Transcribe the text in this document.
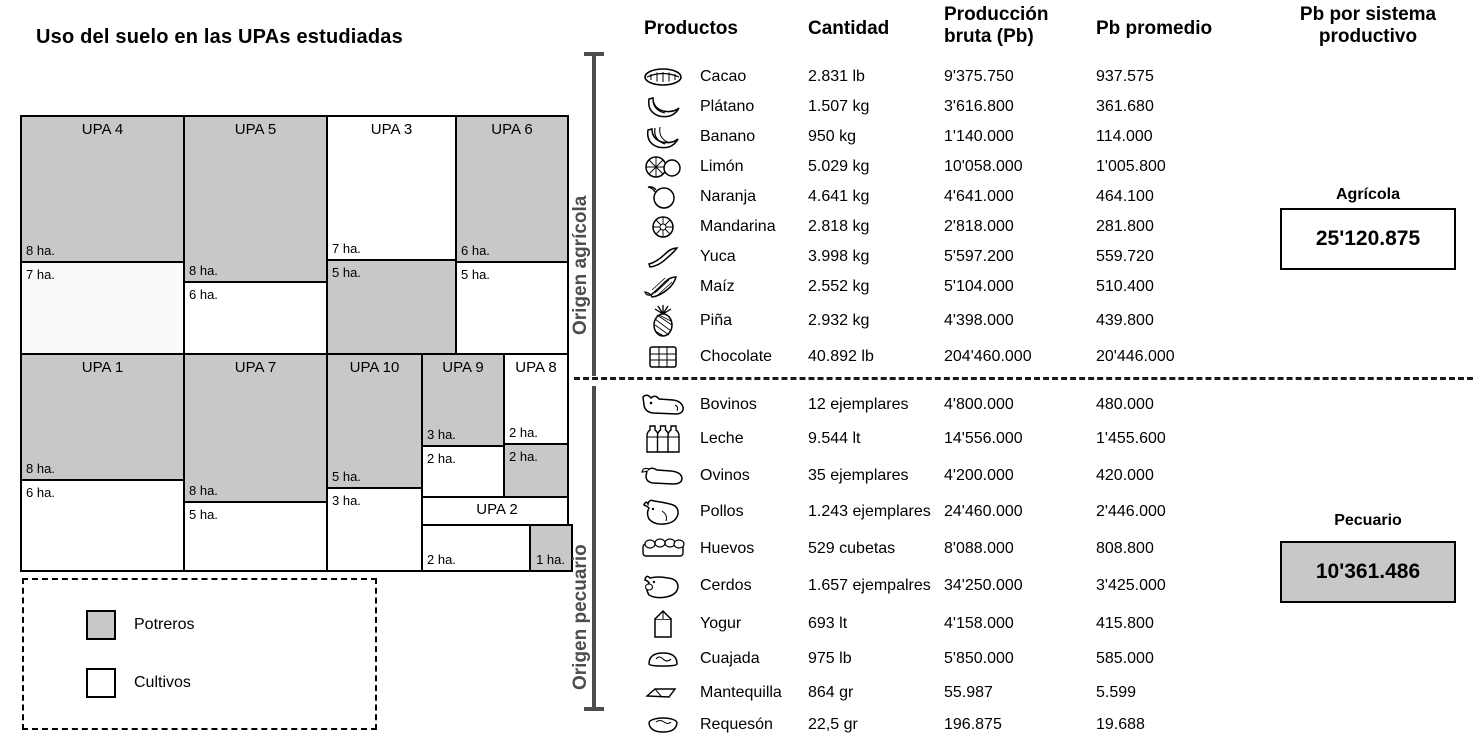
Uso del suelo en las UPAs estudiadas
UPA 4
8 ha.
7 ha.
UPA 5
8 ha.
6 ha.
UPA 3
7 ha.
5 ha.
UPA 6
6 ha.
5 ha.
UPA 1
8 ha.
6 ha.
UPA 7
8 ha.
5 ha.
UPA 10
5 ha.
3 ha.
UPA 9
3 ha.
2 ha.
UPA 8
2 ha.
2 ha.
UPA 2
2 ha.	1 ha.
Potreros
Cultivos
Origen agrícola
Origen pecuario
Productos	Cantidad
Producción bruta (Pb)	Pb promedio
Pb por sistema productivo
Cacao	2.831 lb	9'375.750	937.575
Plátano	1.507 kg	3'616.800	361.680
Banano	950 kg	1'140.000	114.000
Limón	5.029 kg	10'058.000	1'005.800
Naranja	4.641 kg	4'641.000	464.100
Mandarina	2.818 kg	2'818.000	281.800
Yuca	3.998 kg	5'597.200	559.720
Maíz	2.552 kg	5'104.000	510.400
Piña	2.932 kg	4'398.000	439.800
Chocolate	40.892 lb	204'460.000	20'446.000
Bovinos	12 ejemplares	4'800.000	480.000
Leche	9.544 lt	14'556.000	1'455.600
Ovinos	35 ejemplares	4'200.000	420.000
Pollos	1.243 ejemplares 24'460.000	2'446.000
Huevos	529 cubetas	8'088.000	808.800
Cerdos	1.657 ejempalres 34'250.000	3'425.000
Yogur	693 lt	4'158.000	415.800
Cuajada	975 lb	5'850.000	585.000
Mantequilla	864 gr	55.987	5.599
Requesón	22,5 gr	196.875	19.688
Agrícola
25'120.875
Pecuario
10'361.486
